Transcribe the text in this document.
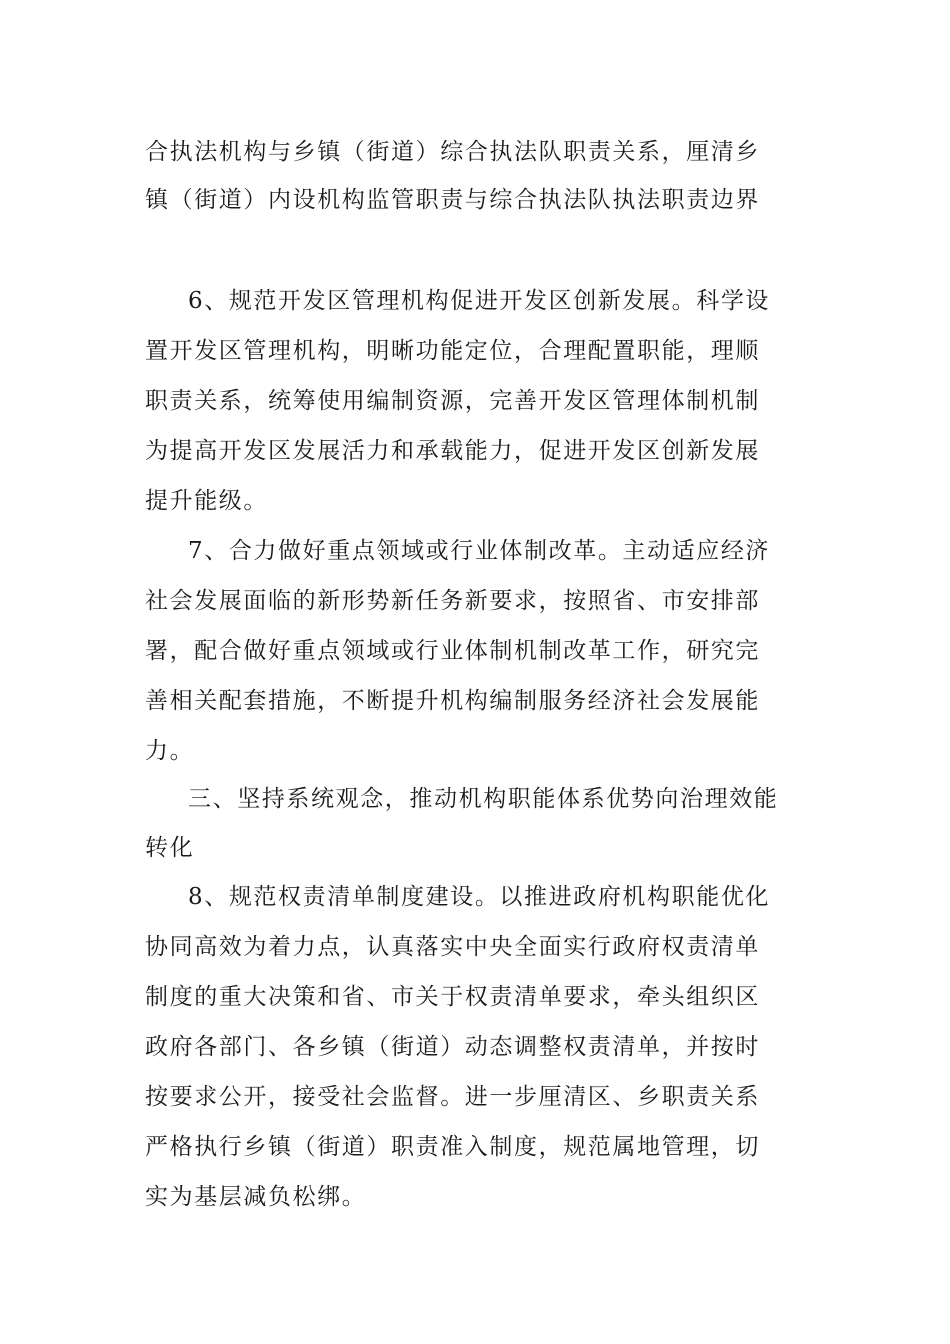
合执法机构与乡镇（街道）综合执法队职责关系，厘清乡
镇（街道）内设机构监管职责与综合执法队执法职责边界
6、规范开发区管理机构促进开发区创新发展。科学设
置开发区管理机构，明晰功能定位，合理配置职能，理顺
职责关系，统筹使用编制资源，完善开发区管理体制机制
为提高开发区发展活力和承载能力，促进开发区创新发展
提升能级。
7、合力做好重点领域或行业体制改革。主动适应经济
社会发展面临的新形势新任务新要求，按照省、市安排部
署，配合做好重点领域或行业体制机制改革工作，研究完
善相关配套措施，不断提升机构编制服务经济社会发展能
力。
三、坚持系统观念，推动机构职能体系优势向治理效能
转化
8、规范权责清单制度建设。以推进政府机构职能优化
协同高效为着力点，认真落实中央全面实行政府权责清单
制度的重大决策和省、市关于权责清单要求，牵头组织区
政府各部门、各乡镇（街道）动态调整权责清单，并按时
按要求公开，接受社会监督。进一步厘清区、乡职责关系
严格执行乡镇（街道）职责准入制度，规范属地管理，切
实为基层减负松绑。
